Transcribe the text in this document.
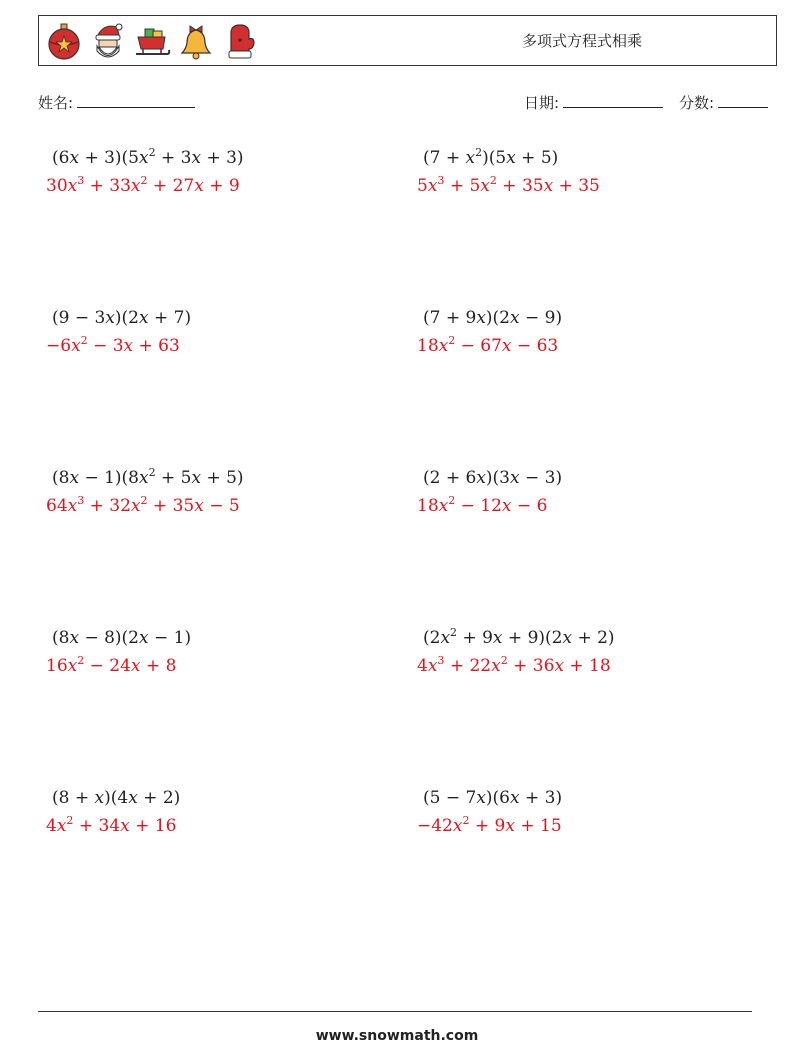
✶	多项式方程式相乘
姓名:	日期:	分数:
$(6x + 3)(5x^2 + 3x + 3)$
$30x^3 + 33x^2 + 27x + 9$
$(7 + x^2)(5x + 5)$
$5x^3 + 5x^2 + 35x + 35$
(9 − 3x)(2x + 7)
$-6x^2 - 3x + 63$
(7 + 9x)(2x − 9)
$18x^2 - 67x - 63$
$(8x - 1)(8x^2 + 5x + 5)$
$64x^3 + 32x^2 + 35x - 5$
(2 + 6x)(3x − 3)
$18x^2 - 12x - 6$
(8x − 8)(2x − 1)
$16x^2 - 24x + 8$
$(2x^2 + 9x + 9)(2x + 2)$
$4x^3 + 22x^2 + 36x + 18$
(8 + x)(4x + 2)
$4x^2 + 34x + 16$
(5 − 7x)(6x + 3)
$-42x^2 + 9x + 15$
www.snowmath.com
